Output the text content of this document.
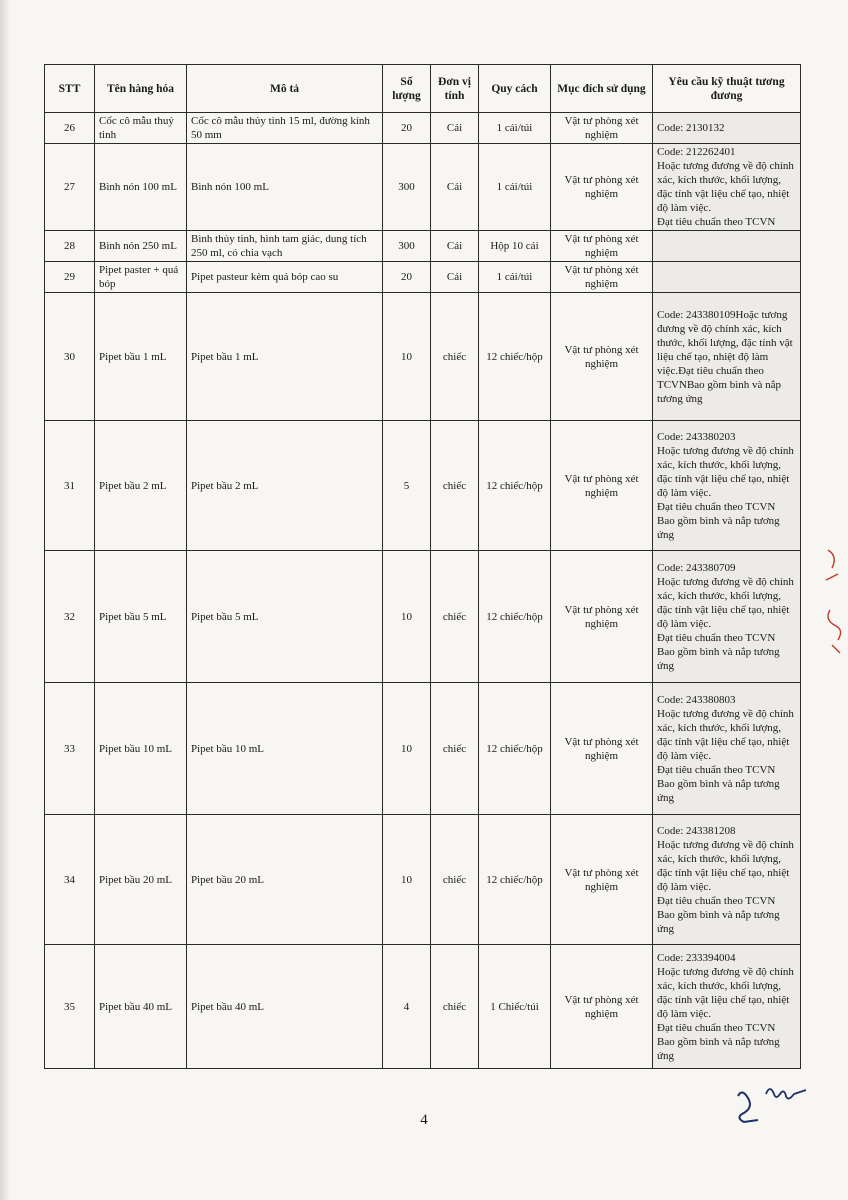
STT	Tên hàng hóa	Mô tả	Số lượng	Đơn vị tính	Quy cách	Mục đích sử dụng	Yêu cầu kỹ thuật tương đương
26	Cốc cô mẫu thuỷ tinh	Cốc cô mẫu thủy tinh 15 ml, đường kính 50 mm	20	Cái	1 cái/túi	Vật tư phòng xét nghiệm	Code: 2130132
27	Bình nón 100 mL	Bình nón 100 mL	300	Cái	1 cái/túi	Vật tư phòng xét nghiệm	Code: 212262401
Hoặc tương đương về độ chính xác, kích thước, khối lượng, đặc tính vật liệu chế tạo, nhiệt độ làm việc.
Đạt tiêu chuẩn theo TCVN
28	Bình nón 250 mL	Bình thủy tinh, hình tam giác, dung tích 250 ml, có chia vạch	300	Cái	Hộp 10 cái	Vật tư phòng xét nghiệm	
29	Pipet paster + quả bóp	Pipet pasteur kèm quả bóp cao su	20	Cái	1 cái/túi	Vật tư phòng xét nghiệm	
30	Pipet bầu 1 mL	Pipet bầu 1 mL	10	chiếc	12 chiếc/hộp	Vật tư phòng xét nghiệm	Code: 243380109Hoặc tương đương về độ chính xác, kích thước, khối lượng, đặc tính vật liệu chế tạo, nhiệt độ làm việc.Đạt tiêu chuẩn theo TCVNBao gồm bình và nắp tương ứng
31	Pipet bầu 2 mL	Pipet bầu 2 mL	5	chiếc	12 chiếc/hộp	Vật tư phòng xét nghiệm	Code: 243380203
Hoặc tương đương về độ chính xác, kích thước, khối lượng, đặc tính vật liệu chế tạo, nhiệt độ làm việc.
Đạt tiêu chuẩn theo TCVN
Bao gồm bình và nắp tương ứng
32	Pipet bầu 5 mL	Pipet bầu 5 mL	10	chiếc	12 chiếc/hộp	Vật tư phòng xét nghiệm	Code: 243380709
Hoặc tương đương về độ chính xác, kích thước, khối lượng, đặc tính vật liệu chế tạo, nhiệt độ làm việc.
Đạt tiêu chuẩn theo TCVN
Bao gồm bình và nắp tương ứng
33	Pipet bầu 10 mL	Pipet bầu 10 mL	10	chiếc	12 chiếc/hộp	Vật tư phòng xét nghiệm	Code: 243380803
Hoặc tương đương về độ chính xác, kích thước, khối lượng, đặc tính vật liệu chế tạo, nhiệt độ làm việc.
Đạt tiêu chuẩn theo TCVN
Bao gồm bình và nắp tương ứng
34	Pipet bầu 20 mL	Pipet bầu 20 mL	10	chiếc	12 chiếc/hộp	Vật tư phòng xét nghiệm	Code: 243381208
Hoặc tương đương về độ chính xác, kích thước, khối lượng, đặc tính vật liệu chế tạo, nhiệt độ làm việc.
Đạt tiêu chuẩn theo TCVN
Bao gồm bình và nắp tương ứng
35	Pipet bầu 40 mL	Pipet bầu 40 mL	4	chiếc	1 Chiếc/túi	Vật tư phòng xét nghiệm	Code: 233394004
Hoặc tương đương về độ chính xác, kích thước, khối lượng, đặc tính vật liệu chế tạo, nhiệt độ làm việc.
Đạt tiêu chuẩn theo TCVN
Bao gồm bình và nắp tương ứng
4
